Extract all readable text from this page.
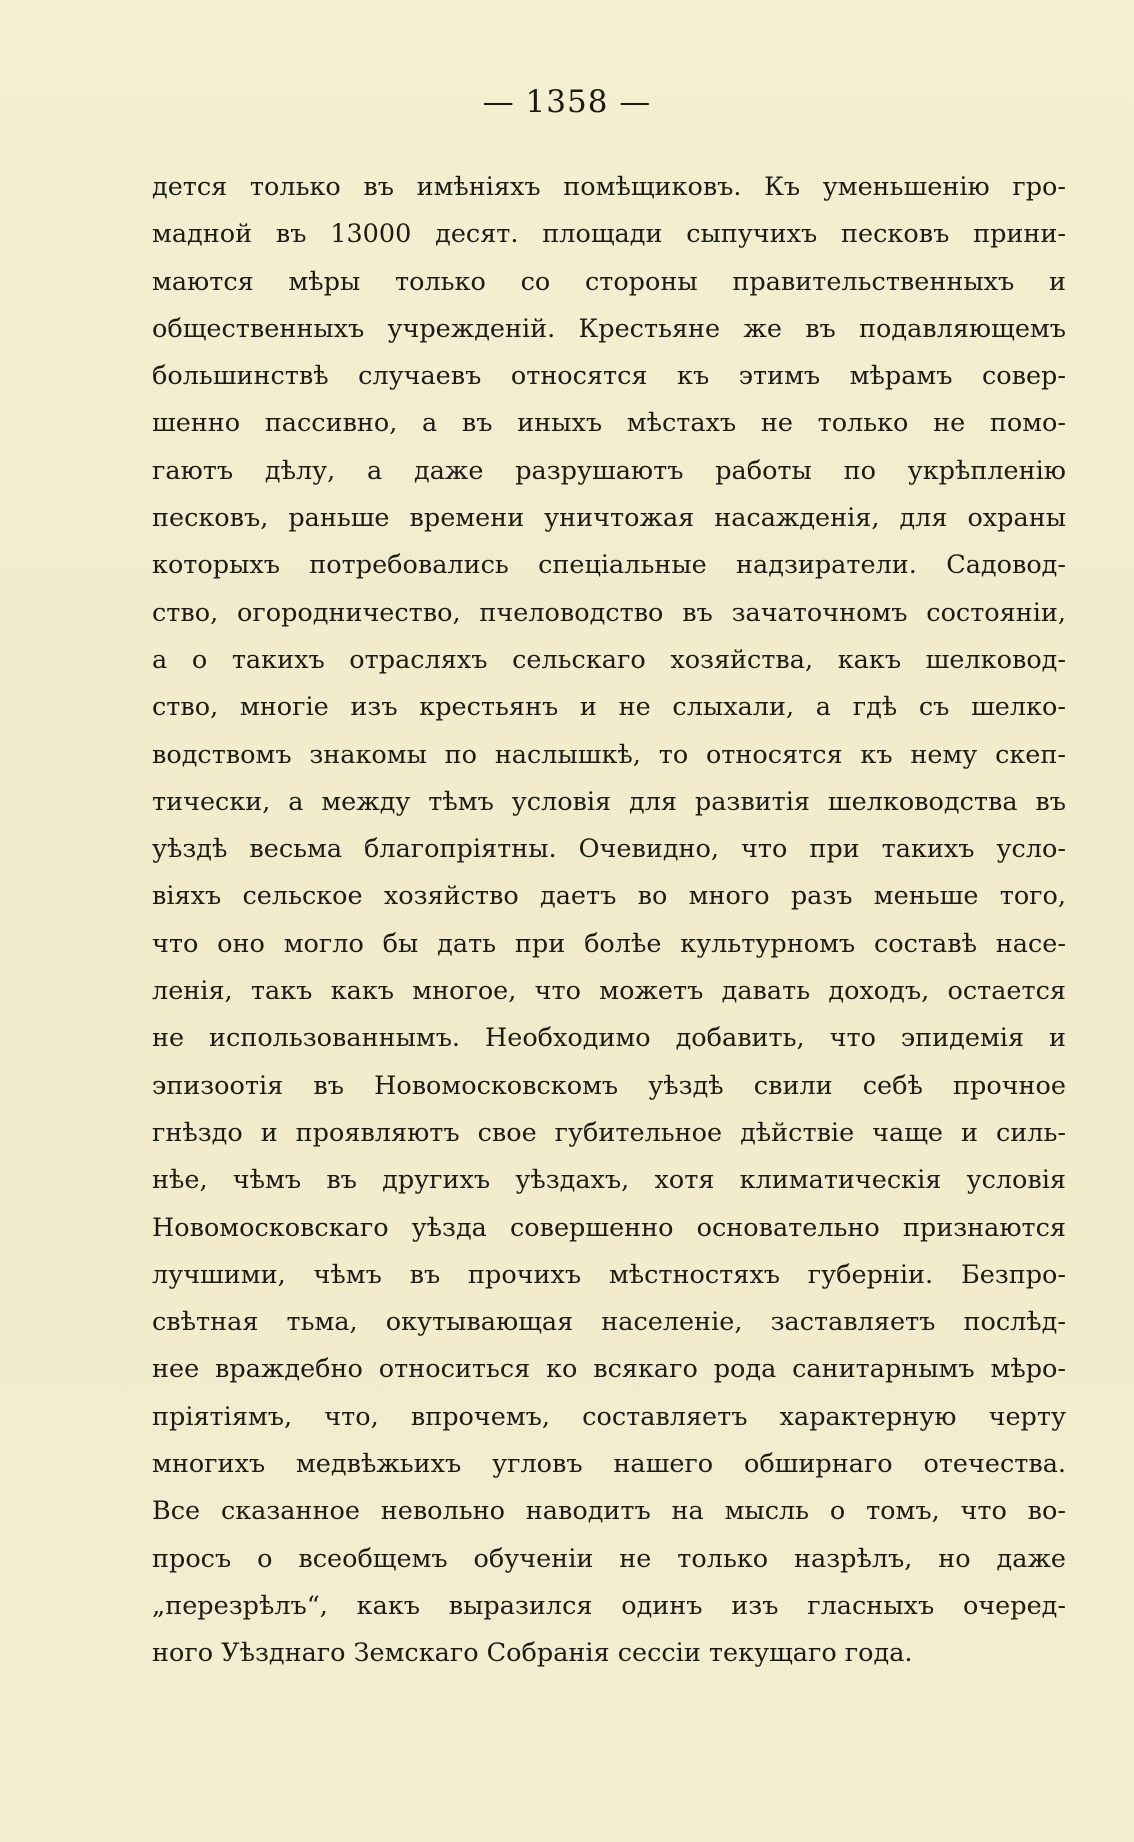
— 1358 —
дется только въ имѣніяхъ помѣщиковъ. Къ уменьшенію гро-
мадной въ 13000 десят. площади сыпучихъ песковъ прини-
маются мѣры только со стороны правительственныхъ и
общественныхъ учрежденій. Крестьяне же въ подавляющемъ
большинствѣ случаевъ относятся къ этимъ мѣрамъ совер-
шенно пассивно, а въ иныхъ мѣстахъ не только не помо-
гаютъ дѣлу, а даже разрушаютъ работы по укрѣпленію
песковъ, раньше времени уничтожая насажденія, для охраны
которыхъ потребовались спеціальные надзиратели. Садовод-
ство, огородничество, пчеловодство въ зачаточномъ состояніи,
а о такихъ отрасляхъ сельскаго хозяйства, какъ шелковод-
ство, многіе изъ крестьянъ и не слыхали, а гдѣ съ шелко-
водствомъ знакомы по наслышкѣ, то относятся къ нему скеп-
тически, а между тѣмъ условія для развитія шелководства въ
уѣздѣ весьма благопріятны. Очевидно, что при такихъ усло-
віяхъ сельское хозяйство даетъ во много разъ меньше того,
что оно могло бы дать при болѣе культурномъ составѣ насе-
ленія, такъ какъ многое, что можетъ давать доходъ, остается
не использованнымъ. Необходимо добавить, что эпидемія и
эпизоотія въ Новомосковскомъ уѣздѣ свили себѣ прочное
гнѣздо и проявляютъ свое губительное дѣйствіе чаще и силь-
нѣе, чѣмъ въ другихъ уѣздахъ, хотя климатическія условія
Новомосковскаго уѣзда совершенно основательно признаются
лучшими, чѣмъ въ прочихъ мѣстностяхъ губерніи. Безпро-
свѣтная тьма, окутывающая населеніе, заставляетъ послѣд-
нее враждебно относиться ко всякаго рода санитарнымъ мѣро-
пріятіямъ, что, впрочемъ, составляетъ характерную черту
многихъ медвѣжьихъ угловъ нашего обширнаго отечества.
Все сказанное невольно наводитъ на мысль о томъ, что во-
просъ о всеобщемъ обученіи не только назрѣлъ, но даже
„перезрѣлъ“, какъ выразился одинъ изъ гласныхъ очеред-
ного Уѣзднаго Земскаго Собранія сессіи текущаго года.
